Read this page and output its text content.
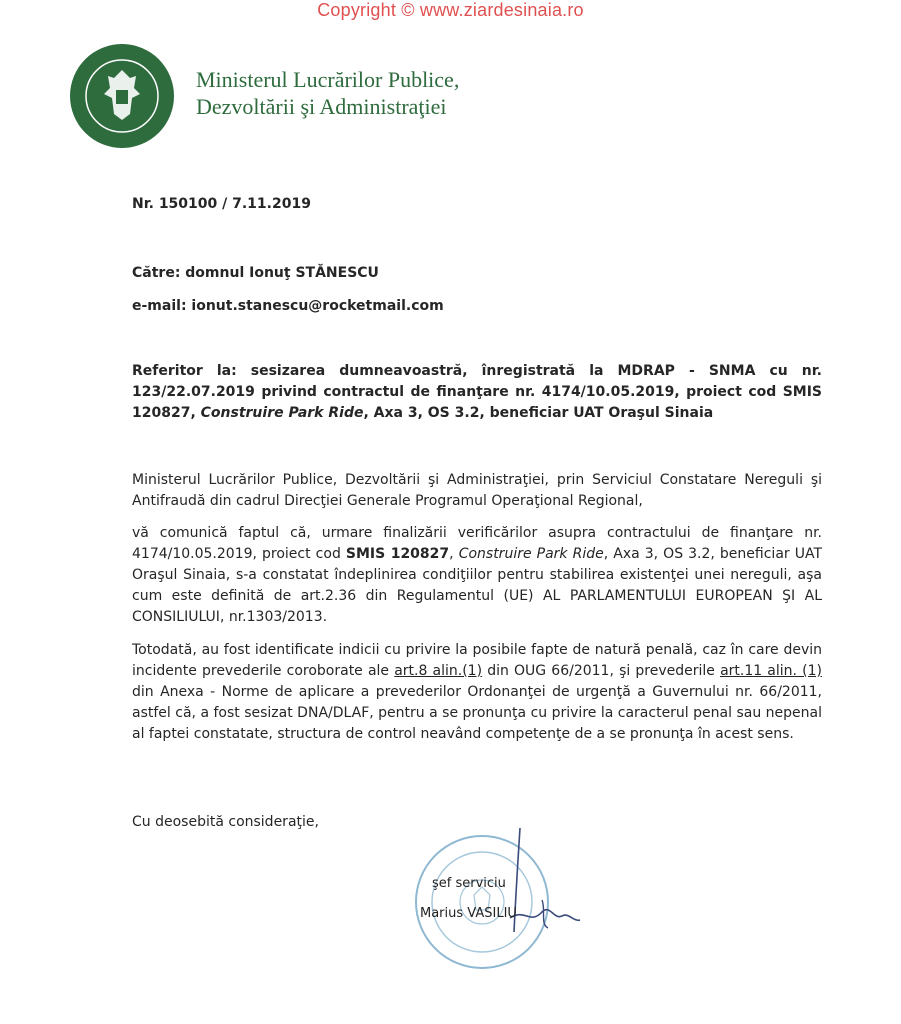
Copyright © www.ziardesinaia.ro
Ministerul Lucrărilor Publice,
Dezvoltării şi Administraţiei
Nr. 150100 / 7.11.2019
Către: domnul Ionuţ STĂNESCU
e-mail: ionut.stanescu@rocketmail.com
Referitor la: sesizarea dumneavoastră, înregistrată la MDRAP - SNMA cu nr. 123/22.07.2019 privind contractul de finanţare nr. 4174/10.05.2019, proiect cod SMIS 120827, Construire Park Ride, Axa 3, OS 3.2, beneficiar UAT Oraşul Sinaia
Ministerul Lucrărilor Publice, Dezvoltării şi Administraţiei, prin Serviciul Constatare Nereguli şi Antifraudă din cadrul Direcţiei Generale Programul Operaţional Regional,
vă comunică faptul că, urmare finalizării verificărilor asupra contractului de finanţare nr. 4174/10.05.2019, proiect cod SMIS 120827, Construire Park Ride, Axa 3, OS 3.2, beneficiar UAT Oraşul Sinaia, s-a constatat îndeplinirea condiţiilor pentru stabilirea existenţei unei nereguli, aşa cum este definită de art.2.36 din Regulamentul (UE) AL PARLAMENTULUI EUROPEAN ŞI AL CONSILIULUI, nr.1303/2013.
Totodată, au fost identificate indicii cu privire la posibile fapte de natură penală, caz în care devin incidente prevederile coroborate ale art.8 alin.(1) din OUG 66/2011, şi prevederile art.11 alin. (1) din Anexa - Norme de aplicare a prevederilor Ordonanţei de urgenţă a Guvernului nr. 66/2011, astfel că, a fost sesizat DNA/DLAF, pentru a se pronunţa cu privire la caracterul penal sau nepenal al faptei constatate, structura de control neavând competenţe de a se pronunţa în acest sens.
Cu deosebită consideraţie,
şef serviciu
Marius VASILIU
